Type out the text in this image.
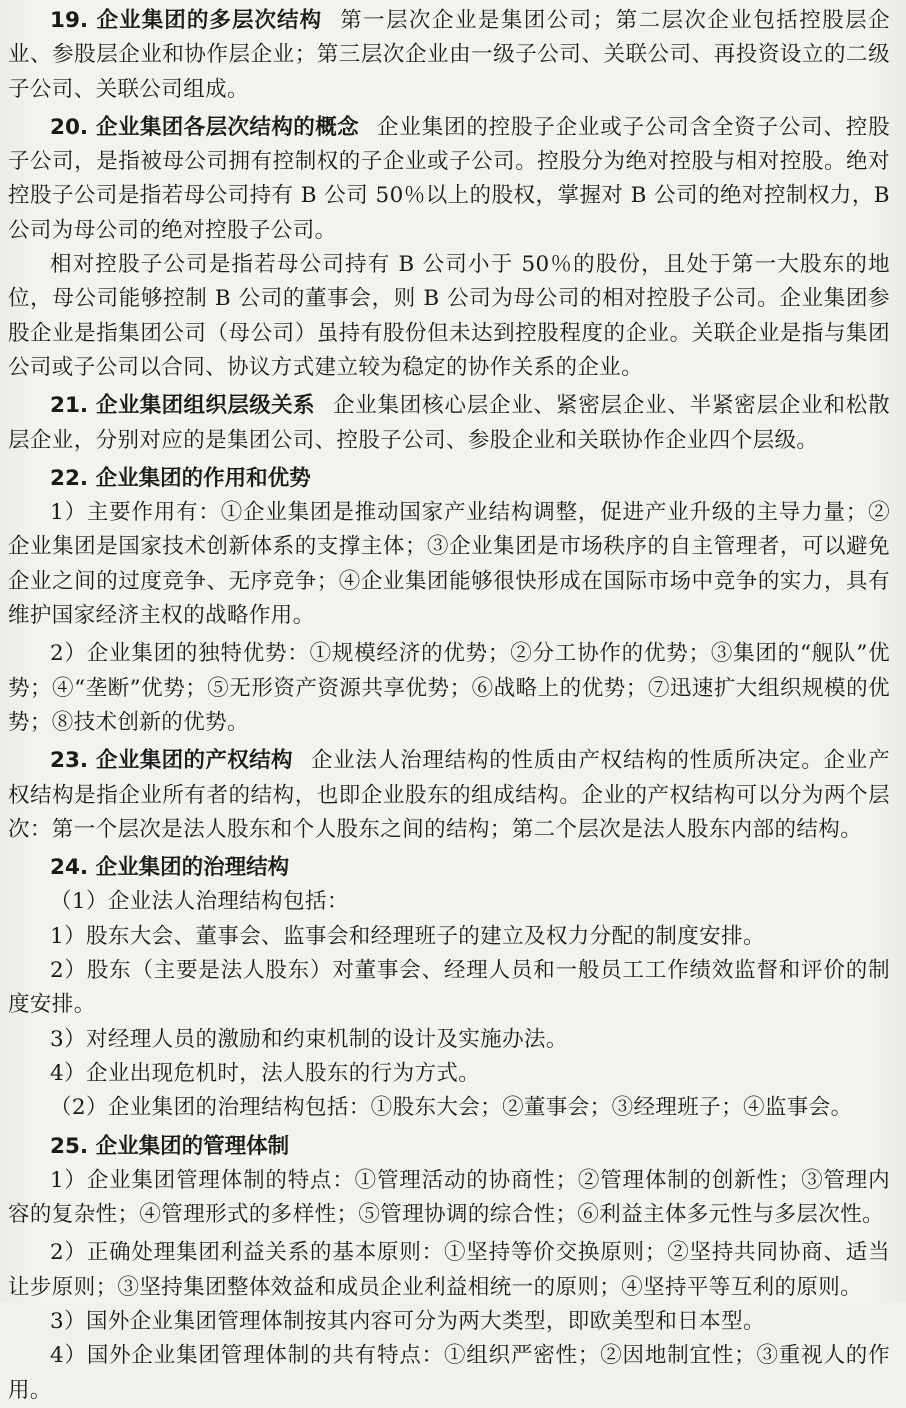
19. 企业集团的多层次结构 第一层次企业是集团公司；第二层次企业包括控股层企业、参股层企业和协作层企业；第三层次企业由一级子公司、关联公司、再投资设立的二级子公司、关联公司组成。

20. 企业集团各层次结构的概念 企业集团的控股子企业或子公司含全资子公司、控股子公司，是指被母公司拥有控制权的子企业或子公司。控股分为绝对控股与相对控股。绝对控股子公司是指若母公司持有 B 公司 50％以上的股权，掌握对 B 公司的绝对控制权力，B 公司为母公司的绝对控股子公司。

相对控股子公司是指若母公司持有 B 公司小于 50％的股份，且处于第一大股东的地位，母公司能够控制 B 公司的董事会，则 B 公司为母公司的相对控股子公司。企业集团参股企业是指集团公司（母公司）虽持有股份但未达到控股程度的企业。关联企业是指与集团公司或子公司以合同、协议方式建立较为稳定的协作关系的企业。

21. 企业集团组织层级关系 企业集团核心层企业、紧密层企业、半紧密层企业和松散层企业，分别对应的是集团公司、控股子公司、参股企业和关联协作企业四个层级。

22. 企业集团的作用和优势

1）主要作用有：①企业集团是推动国家产业结构调整，促进产业升级的主导力量；②企业集团是国家技术创新体系的支撑主体；③企业集团是市场秩序的自主管理者，可以避免企业之间的过度竞争、无序竞争；④企业集团能够很快形成在国际市场中竞争的实力，具有维护国家经济主权的战略作用。

2）企业集团的独特优势：①规模经济的优势；②分工协作的优势；③集团的“舰队”优势；④“垄断”优势；⑤无形资产资源共享优势；⑥战略上的优势；⑦迅速扩大组织规模的优势；⑧技术创新的优势。

23. 企业集团的产权结构 企业法人治理结构的性质由产权结构的性质所决定。企业产权结构是指企业所有者的结构，也即企业股东的组成结构。企业的产权结构可以分为两个层次：第一个层次是法人股东和个人股东之间的结构；第二个层次是法人股东内部的结构。

24. 企业集团的治理结构

（1）企业法人治理结构包括：

1）股东大会、董事会、监事会和经理班子的建立及权力分配的制度安排。

2）股东（主要是法人股东）对董事会、经理人员和一般员工工作绩效监督和评价的制度安排。

3）对经理人员的激励和约束机制的设计及实施办法。

4）企业出现危机时，法人股东的行为方式。

（2）企业集团的治理结构包括：①股东大会；②董事会；③经理班子；④监事会。

25. 企业集团的管理体制

1）企业集团管理体制的特点：①管理活动的协商性；②管理体制的创新性；③管理内容的复杂性；④管理形式的多样性；⑤管理协调的综合性；⑥利益主体多元性与多层次性。

2）正确处理集团利益关系的基本原则：①坚持等价交换原则；②坚持共同协商、适当让步原则；③坚持集团整体效益和成员企业利益相统一的原则；④坚持平等互利的原则。

3）国外企业集团管理体制按其内容可分为两大类型，即欧美型和日本型。

4）国外企业集团管理体制的共有特点：①组织严密性；②因地制宜性；③重视人的作用。
